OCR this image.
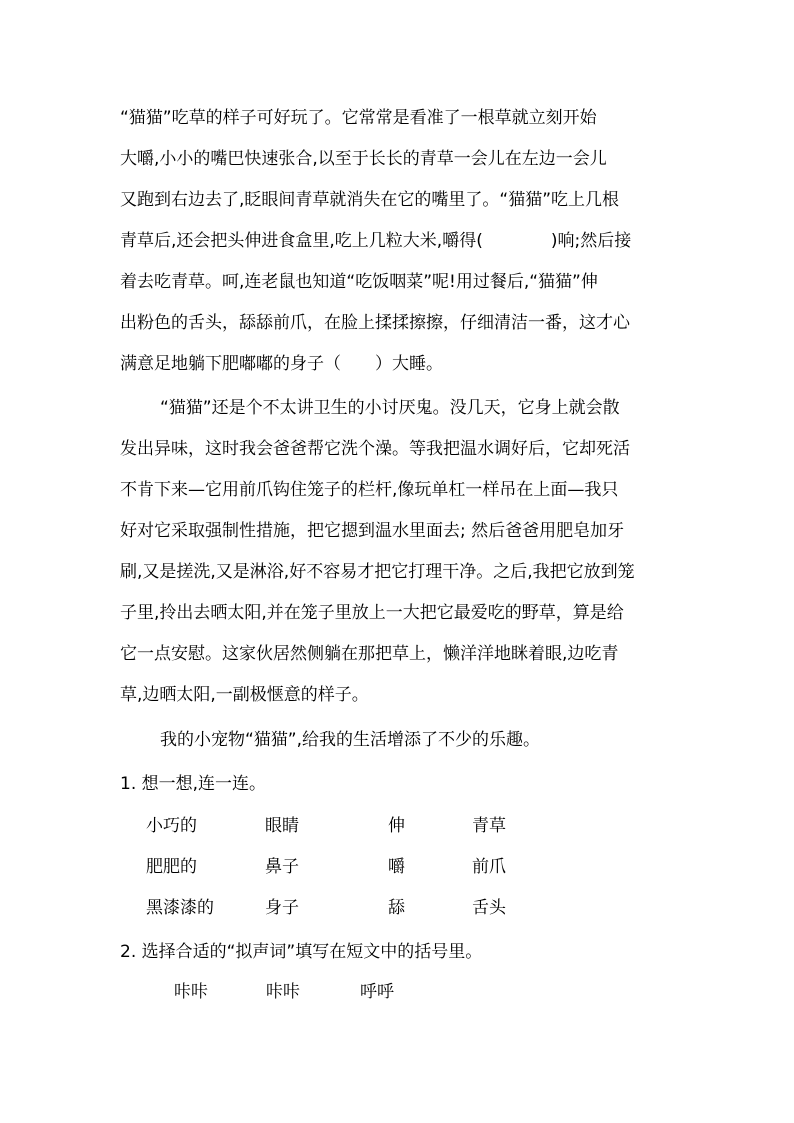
“猫猫”吃草的样子可好玩了。它常常是看准了一根草就立刻开始
大嚼,小小的嘴巴快速张合,以至于长长的青草一会儿在左边一会儿
又跑到右边去了,眨眼间青草就消失在它的嘴里了。“猫猫”吃上几根
青草后,还会把头伸进食盒里,吃上几粒大米,嚼得(　　　　)响;然后接
着去吃青草。呵,连老鼠也知道“吃饭咽菜”呢!用过餐后,“猫猫”伸
出粉色的舌头，舔舔前爪，在脸上揉揉擦擦，仔细清洁一番，这才心
满意足地躺下肥嘟嘟的身子（　　）大睡。
“猫猫”还是个不太讲卫生的小讨厌鬼。没几天，它身上就会散
发出异味，这时我会爸爸帮它洗个澡。等我把温水调好后，它却死活
不肯下来—它用前爪钩住笼子的栏杆,像玩单杠一样吊在上面—我只
好对它采取强制性措施，把它摁到温水里面去; 然后爸爸用肥皂加牙
刷,又是搓洗,又是淋浴,好不容易才把它打理干净。之后,我把它放到笼
子里,拎出去晒太阳,并在笼子里放上一大把它最爱吃的野草，算是给
它一点安慰。这家伙居然侧躺在那把草上，懒洋洋地眯着眼,边吃青
草,边晒太阳,一副极惬意的样子。
我的小宠物“猫猫”,给我的生活增添了不少的乐趣。
1. 想一想,连一连。
小巧的	眼睛	伸	青草
肥肥的	鼻子	嚼	前爪
黑漆漆的	身子	舔	舌头
2. 选择合适的“拟声词”填写在短文中的括号里。
咔咔	咔咔	呼呼
